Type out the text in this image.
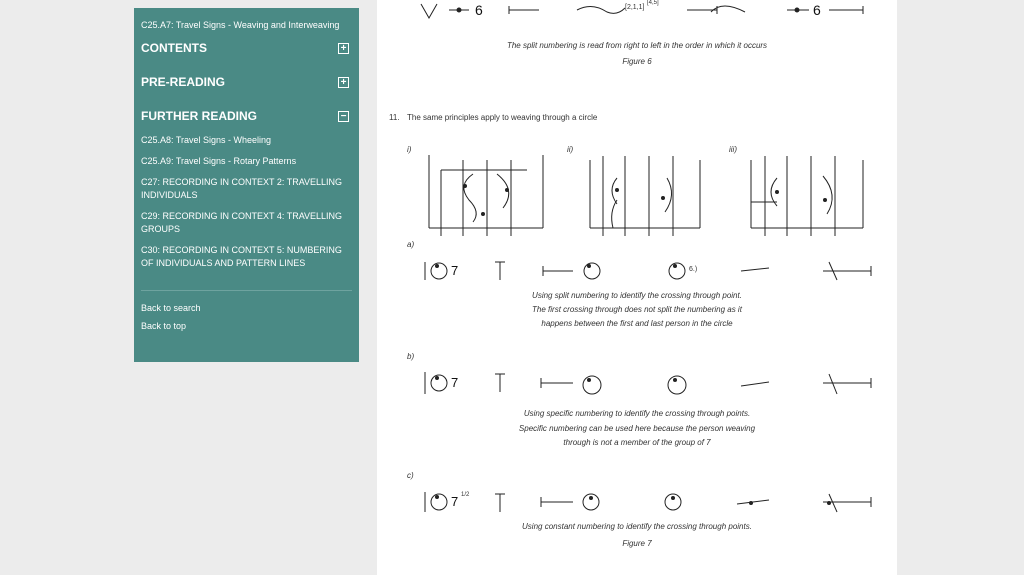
C25.A7: Travel Signs - Weaving and Interweaving
CONTENTS	+
PRE-READING	+
FURTHER READING	−
C25.A8: Travel Signs - Wheeling
C25.A9: Travel Signs - Rotary Patterns
C27: RECORDING IN CONTEXT 2: TRAVELLING INDIVIDUALS
C29: RECORDING IN CONTEXT 4: TRAVELLING GROUPS
C30: RECORDING IN CONTEXT 5: NUMBERING OF INDIVIDUALS AND PATTERN LINES
Back to search
Back to top
6	6
[2,1,1]
[4,5]
The split numbering is read from right to left in the order in which it occurs
Figure 6
11. The same principles apply to weaving through a circle
i)	ii)	iii)
a)
7	6.)
Using split numbering to identify the crossing through point.
The first crossing through does not split the numbering as it
happens between the first and last person in the circle
b)
7
Using specific numbering to identify the crossing through points.
Specific numbering can be used here because the person weaving
through is not a member of the group of 7
c)
7 1/2
Using constant numbering to identify the crossing through points.
Figure 7
